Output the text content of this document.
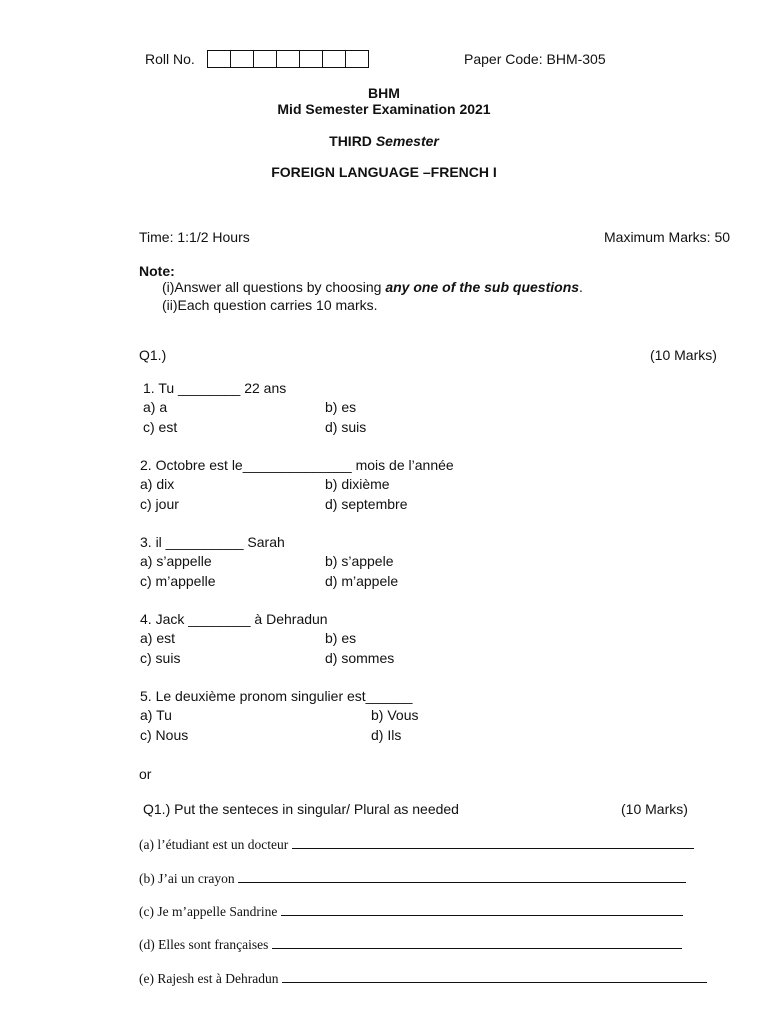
Roll No.	Paper Code: BHM-305
BHM
Mid Semester Examination 2021
THIRD Semester
FOREIGN LANGUAGE –FRENCH I
Time: 1:1/2 Hours	Maximum Marks: 50
Note:
(i)Answer all questions by choosing any one of the sub questions.
(ii)Each question carries 10 marks.
Q1.)	(10 Marks)
1. Tu ________ 22 ans
a) a	b) es
c) est	d) suis
2. Octobre est le______________ mois de l’année
a) dix	b) dixième
c) jour	d) septembre
3. il __________ Sarah
a) s’appelle	b) s’appele
c) m’appelle	d) m’appele
4. Jack ________ à Dehradun
a) est	b) es
c) suis	d) sommes
5. Le deuxième pronom singulier est______
a) Tu	b) Vous
c) Nous	d) Ils
or
Q1.) Put the senteces in singular/ Plural as needed	(10 Marks)
(a) l’étudiant est un docteur
(b) J’ai un crayon
(c) Je m’appelle Sandrine
(d) Elles sont françaises
(e) Rajesh est à Dehradun
